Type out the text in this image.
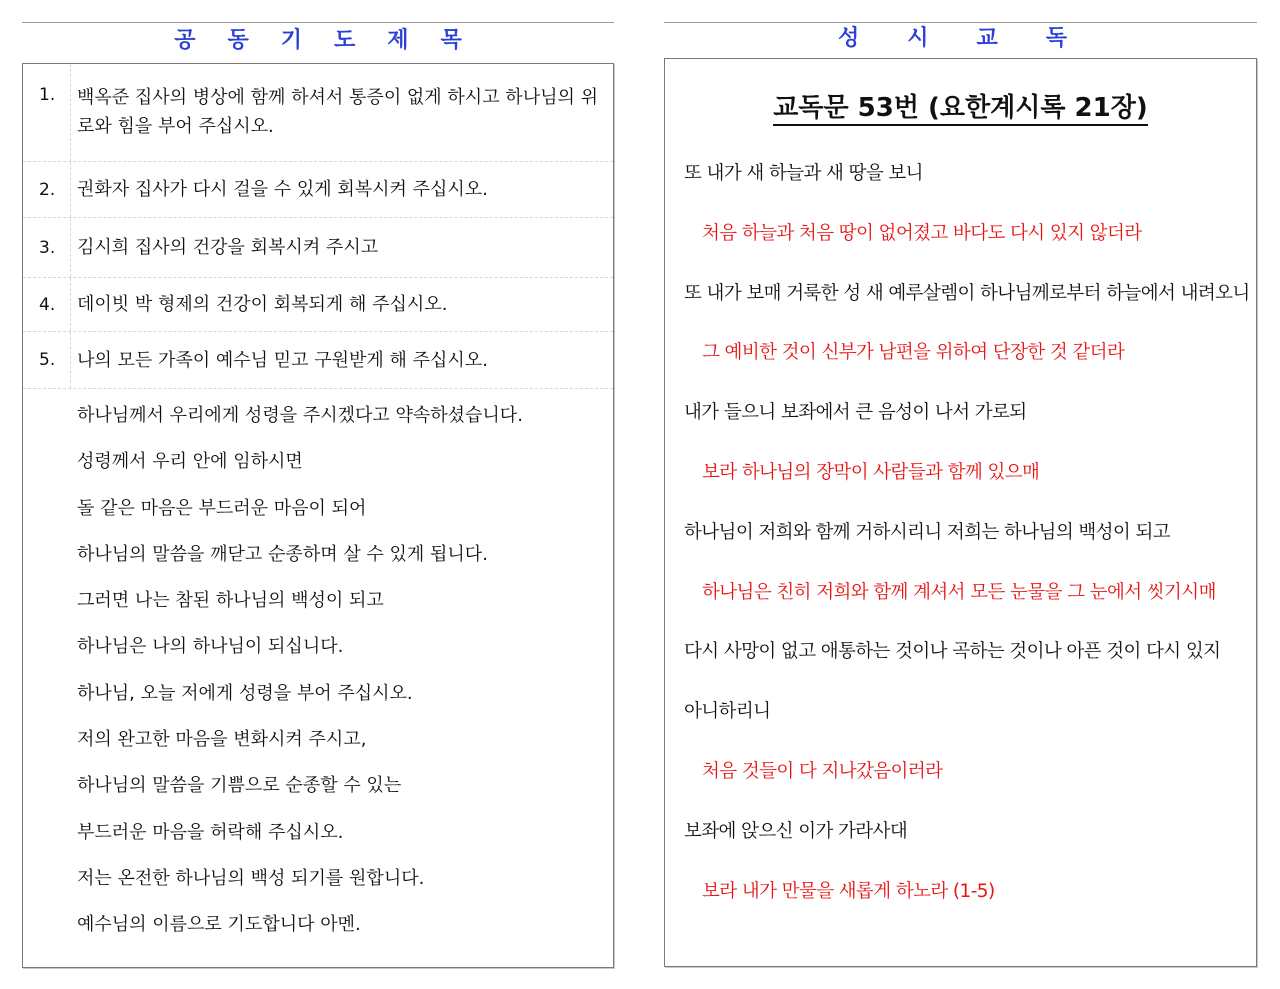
공동기도제목
1.	백옥준 집사의 병상에 함께 하셔서 통증이 없게 하시고 하나님의 위로와 힘을 부어 주십시오.
2.	권화자 집사가 다시 걸을 수 있게 회복시켜 주십시오.
3.	김시희 집사의 건강을 회복시켜 주시고
4.	데이빗 박 형제의 건강이 회복되게 해 주십시오.
5.	나의 모든 가족이 예수님 믿고 구원받게 해 주십시오.
하나님께서 우리에게 성령을 주시겠다고 약속하셨습니다.
성령께서 우리 안에 임하시면
돌 같은 마음은 부드러운 마음이 되어
하나님의 말씀을 깨닫고 순종하며 살 수 있게 됩니다.
그러면 나는 참된 하나님의 백성이 되고
하나님은 나의 하나님이 되십니다.
하나님, 오늘 저에게 성령을 부어 주십시오.
저의 완고한 마음을 변화시켜 주시고,
하나님의 말씀을 기쁨으로 순종할 수 있는
부드러운 마음을 허락해 주십시오.
저는 온전한 하나님의 백성 되기를 원합니다.
예수님의 이름으로 기도합니다 아멘.
성시교독
교독문 53번 (요한계시록 21장)
또 내가 새 하늘과 새 땅을 보니
처음 하늘과 처음 땅이 없어졌고 바다도 다시 있지 않더라
또 내가 보매 거룩한 성 새 예루살렘이 하나님께로부터 하늘에서 내려오니
그 예비한 것이 신부가 남편을 위하여 단장한 것 같더라
내가 들으니 보좌에서 큰 음성이 나서 가로되
보라 하나님의 장막이 사람들과 함께 있으매
하나님이 저희와 함께 거하시리니 저희는 하나님의 백성이 되고
하나님은 친히 저희와 함께 계셔서 모든 눈물을 그 눈에서 씻기시매
다시 사망이 없고 애통하는 것이나 곡하는 것이나 아픈 것이 다시 있지
아니하리니
처음 것들이 다 지나갔음이러라
보좌에 앉으신 이가 가라사대
보라 내가 만물을 새롭게 하노라 (1-5)
